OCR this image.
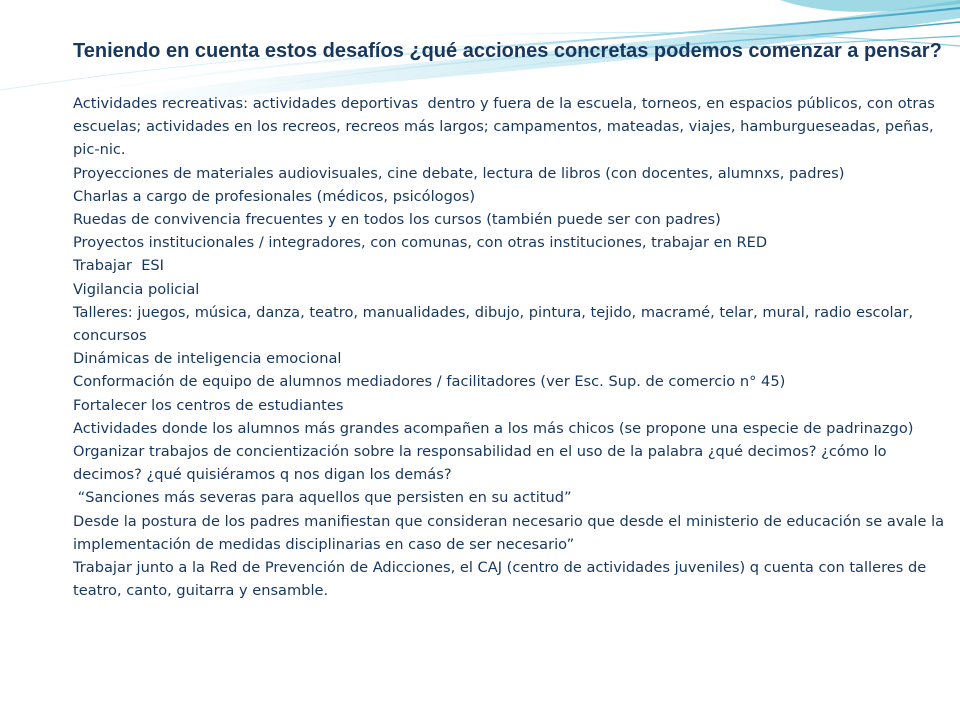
Teniendo en cuenta estos desafíos ¿qué acciones concretas podemos comenzar a pensar?

Actividades recreativas: actividades deportivas  dentro y fuera de la escuela, torneos, en espacios públicos, con otras escuelas; actividades en los recreos, recreos más largos; campamentos, mateadas, viajes, hamburgueseadas, peñas, pic-nic.

Proyecciones de materiales audiovisuales, cine debate, lectura de libros (con docentes, alumnxs, padres)

Charlas a cargo de profesionales (médicos, psicólogos)

Ruedas de convivencia frecuentes y en todos los cursos (también puede ser con padres)

Proyectos institucionales / integradores, con comunas, con otras instituciones, trabajar en RED

Trabajar  ESI

Vigilancia policial

Talleres: juegos, música, danza, teatro, manualidades, dibujo, pintura, tejido, macramé, telar, mural, radio escolar, concursos

Dinámicas de inteligencia emocional

Conformación de equipo de alumnos mediadores / facilitadores (ver Esc. Sup. de comercio n° 45)

Fortalecer los centros de estudiantes

Actividades donde los alumnos más grandes acompañen a los más chicos (se propone una especie de padrinazgo)

Organizar trabajos de concientización sobre la responsabilidad en el uso de la palabra ¿qué decimos? ¿cómo lo decimos? ¿qué quisiéramos q nos digan los demás?

“Sanciones más severas para aquellos que persisten en su actitud”

Desde la postura de los padres manifiestan que consideran necesario que desde el ministerio de educación se avale la implementación de medidas disciplinarias en caso de ser necesario”

Trabajar junto a la Red de Prevención de Adicciones, el CAJ (centro de actividades juveniles) q cuenta con talleres de teatro, canto, guitarra y ensamble.
